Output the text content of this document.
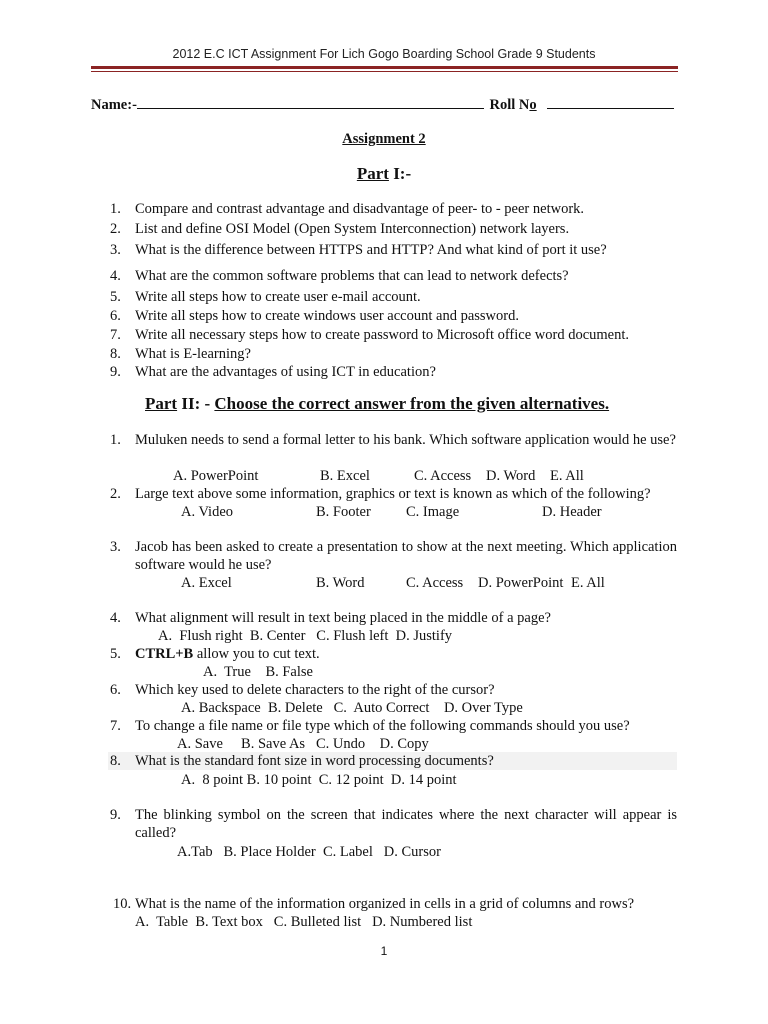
2012 E.C ICT Assignment For Lich Gogo Boarding School Grade 9 Students
Name:-	Roll No
Assignment 2
Part I:-
1. Compare and contrast advantage and disadvantage of peer- to - peer network.
2. List and define OSI Model (Open System Interconnection) network layers.
3. What is the difference between HTTPS and HTTP? And what kind of port it use?
4. What are the common software problems that can lead to network defects?
5. Write all steps how to create user e-mail account.
6. Write all steps how to create windows user account and password.
7. Write all necessary steps how to create password to Microsoft office word document.
8. What is E-learning?
9. What are the advantages of using ICT in education?
Part II: - Choose the correct answer from the given alternatives.
1. Muluken needs to send a formal letter to his bank. Which software application would he use?
A. PowerPoint	B. Excel	C. Access D. Word E. All
2. Large text above some information, graphics or text is known as which of the following?
A. Video	B. Footer C. Image	D. Header
3. Jacob has been asked to create a presentation to show at the next meeting. Which application software would he use?
A. Excel	B. Word	C. Access D. PowerPoint E. All
4. What alignment will result in text being placed in the middle of a page?
A.  Flush right  B. Center   C. Flush left  D. Justify
5. CTRL+B allow you to cut text.
A.  True    B. False
6. Which key used to delete characters to the right of the cursor?
A. Backspace  B. Delete   C.  Auto Correct    D. Over Type
7. To change a file name or file type which of the following commands should you use?
A. Save     B. Save As   C. Undo    D. Copy
8. What is the standard font size in word processing documents?
A.  8 point B. 10 point  C. 12 point  D. 14 point
9. The blinking symbol on the screen that indicates where the next character will appear is called?
A.Tab   B. Place Holder  C. Label   D. Cursor
10. What is the name of the information organized in cells in a grid of columns and rows?
A.  Table  B. Text box   C. Bulleted list   D. Numbered list
1
